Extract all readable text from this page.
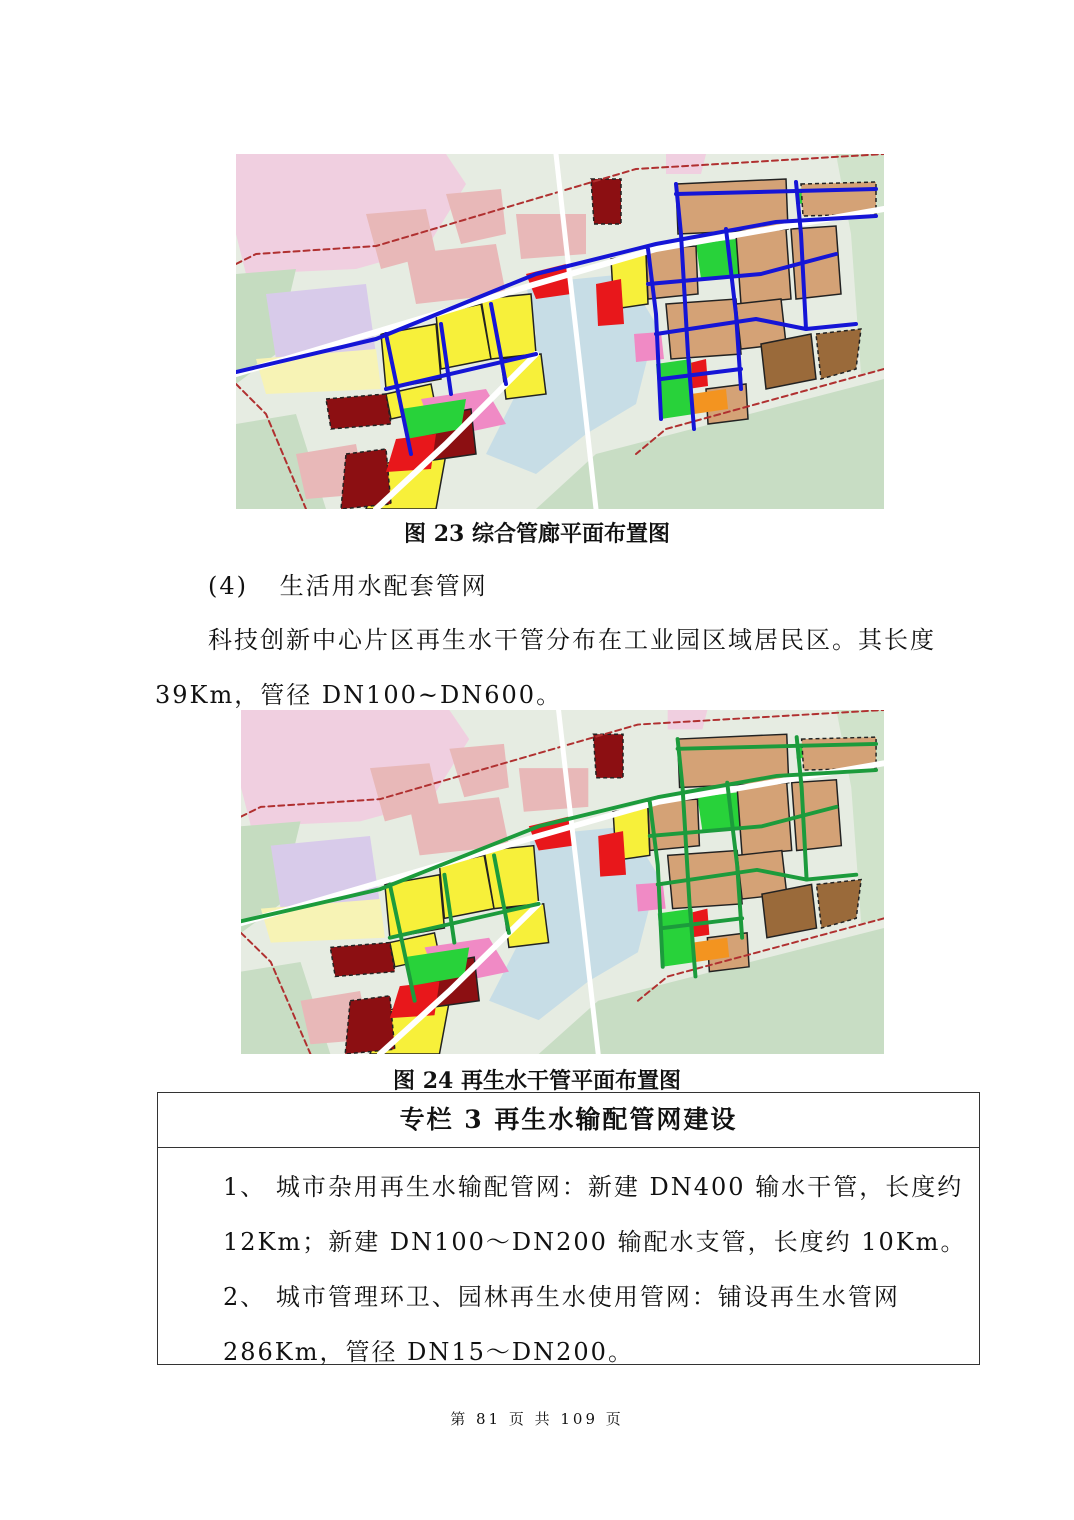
图 23 综合管廊平面布置图
(4) 生活用水配套管网
科技创新中心片区再生水干管分布在工业园区域居民区。其长度
39Km，管径 DN100~DN600。
图 24 再生水干管平面布置图
专栏 3 再生水输配管网建设
1、 城市杂用再生水输配管网：新建 DN400 输水干管，长度约
12Km；新建 DN100～DN200 输配水支管，长度约 10Km。
2、 城市管理环卫、园林再生水使用管网：铺设再生水管网
286Km，管径 DN15～DN200。
第 81 页 共 109 页
